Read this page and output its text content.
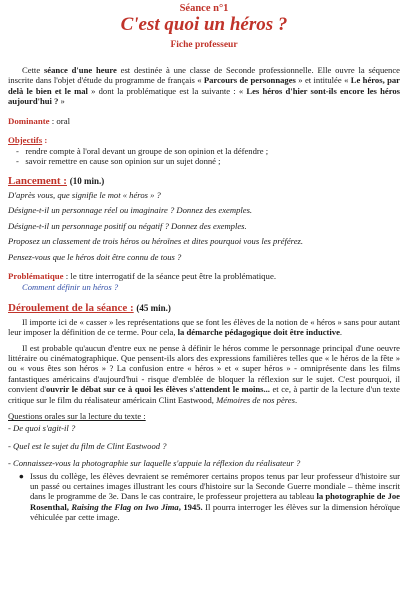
Séance n°1
C'est quoi un héros ?
Fiche professeur

Cette séance d'une heure est destinée à une classe de Seconde professionnelle. Elle ouvre la séquence inscrite dans l'objet d'étude du programme de français « Parcours de personnages » et intitulée « Le héros, par delà le bien et le mal » dont la problématique est la suivante : « Les héros d'hier sont-ils encore les héros aujourd'hui ? »

Dominante : oral
Objectifs :
-   rendre compte à l'oral devant un groupe de son opinion et la défendre ;
-   savoir remettre en cause son opinion sur un sujet donné ;
Lancement : (10 min.)
D'après vous, que signifie le mot « héros » ?
Désigne-t-il un personnage réel ou imaginaire ? Donnez des exemples.
Désigne-t-il un personnage positif ou négatif ? Donnez des exemples.
Proposez un classement de trois héros ou héroïnes et dites pourquoi vous les préférez.
Pensez-vous que le héros doit être connu de tous ?
Problématique : le titre interrogatif de la séance peut être la problématique.
Comment définir un héros ?
Déroulement de la séance : (45 min.)

Il importe ici de « casser » les représentations que se font les élèves de la notion de « héros » sans pour autant leur imposer la définition de ce terme. Pour cela, la démarche pédagogique doit être inductive.

Il est probable qu'aucun d'entre eux ne pense à définir le héros comme le personnage principal d'une oeuvre littéraire ou cinématographique. Que pensent-ils alors des expressions familières telles que « le héros de la fête » ou « vous êtes son héros » ? La confusion entre « héros » et « super héros » - omniprésente dans les films fantastiques américains d'aujourd'hui - risque d'emblée de bloquer la réflexion sur le sujet. C'est pourquoi, il convient d'ouvrir le débat sur ce à quoi les élèves s'attendent le moins... et ce, à partir de la lecture d'un texte critique sur le film du réalisateur américain Clint Eastwood, Mémoires de nos pères.

Questions orales sur la lecture du texte :
- De quoi s'agit-il ?
- Quel est le sujet du film de Clint Eastwood ?
- Connaissez-vous la photographie sur laquelle s'appuie la réflexion du réalisateur ?
● Issus du collège, les élèves devraient se remémorer certains propos tenus par leur professeur d'histoire sur un passé ou certaines images illustrant les cours d'histoire sur la Seconde Guerre mondiale – thème inscrit dans le programme de 3e. Dans le cas contraire, le professeur projettera au tableau la photographie de Joe Rosenthal, Raising the Flag on Iwo Jima, 1945. Il pourra interroger les élèves sur la dimension héroïque véhiculée par cette image.
